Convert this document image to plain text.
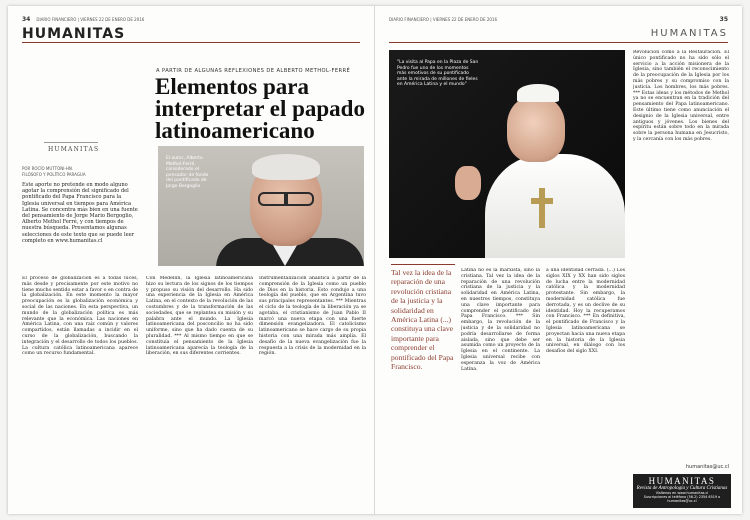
34 DIARIO FINANCIERO | VIERNES 22 DE ENERO DE 2016
HUMANITAS
A PARTIR DE ALGUNAS REFLEXIONES DE ALBERTO METHOL-FERRÉ
Elementos para interpretar el papado latinoamericano
HUMANITAS
POR ROCÍO MUTTONI-HN.
FILÓSOFO Y POLÍTICO PARAGUA

Este aporte no pretende en modo alguno agotar la comprensión del significado del pontificado del Papa Francisco para la Iglesia universal en tiempos para América Latina. Se concentra más bien en una fuente del pensamiento de Jorge Mario Bergoglio, Alberto Methol Ferré, y con tiempos de nuestra búsqueda. Presentamos algunas selecciones de este texto que se puede leer completo en www.humanitas.cl

El autor, Alberto Methol-Ferré, considerado el pensador de fondo del pontificado de Jorge Bergoglio
El proceso de globalización es a todas luces, más desde y precisamente por este motivo no tiene mucho sentido estar a favor o en contra de la globalización. En este momento la mayor preocupación es la globalización económica y social de las naciones. En esta perspectiva, un mundo de la globalización política es más relevante que la económica. Las naciones en América Latina, con una raíz común y valores compartidos, están llamadas a incidir en el curso de la globalización, buscando la integración y el desarrollo de todos los pueblos. La cultura católica latinoamericana aparece como un recurso fundamental.
Con Medellín, la Iglesia latinoamericana hizo su lectura de los signos de los tiempos y propuso su visión del desarrollo. Ha sido una experiencia de la Iglesia en América Latina, en el contexto de la revolución de las costumbres y de la transformación de las sociedades, que se replantea su misión y su palabra ante el mundo. La Iglesia latinoamericana del posconcilio no ha sido uniforme, sino que ha dado cuenta de su pluralidad. *** Al mismo tiempo en que se constituía el pensamiento de la Iglesia latinoamericana aparecía la teología de la liberación, en sus diferentes corrientes.
Instrumentalización analítica a partir de la comprensión de la Iglesia como un pueblo de Dios en la historia. Esto condujo a una teología del pueblo, que en Argentina tuvo sus principales representantes. *** Mientras el ciclo de la teología de la liberación ya se agotaba, el cristianismo de Juan Pablo II marcó una nueva etapa con una fuerte dimensión evangelizadora. El catolicismo latinoamericano se hace cargo de su propia historia con una mirada más amplia. El desafío de la nueva evangelización fue la respuesta a la crisis de la modernidad en la región.
DIARIO FINANCIERO | VIERNES 22 DE ENERO DE 2016	35
HUMANITAS
"La visita al Papa en la Plaza de San Pedro fue uno de los momentos más emotivos de su pontificado ante la mirada de millones de fieles en América Latina y el mundo"
Revolución como a la Restauración. El único pontificado no ha sido sólo el servicio a la acción misionera de la Iglesia, sino también el reconocimiento de la preocupación de la Iglesia por los más pobres y su compromiso con la justicia. Los hombres, los más pobres. *** Estas ideas y los métodos de Methol ya no se encuentran en la tradición del pensamiento del Papa latinoamericano. Este último tiene como anunciación el designio de la Iglesia universal, entre antiguos y jóvenes. Los bienes del espíritu están sobre todo en la mirada sobre la persona humana en Jesucristo, y la cercanía con los más pobres.
Tal vez la idea de la reparación de una revolución cristiana de la justicia y la solidaridad en América Latina (...) constituya una clave importante para comprender el pontificado del Papa Francisco.
Latina no es la marxista, sino la cristiana. Tal vez la idea de la reparación de una revolución cristiana de la justicia y la solidaridad en América Latina, en nuestros tiempos, constituya una clave importante para comprender el pontificado del Papa Francisco. *** Sin embargo, la revolución de la justicia y de la solidaridad no podría desarrollarse de forma aislada, sino que debe ser asumida como un proyecto de la Iglesia en el continente. La Iglesia universal recibe con esperanza la voz de América Latina.
a una identidad cerrada. (...) Los siglos XIX y XX han sido siglos de lucha entre la modernidad católica y la modernidad protestante. Sin embargo, la modernidad católica fue derrotada, y es un declive de su identidad. Hoy la recuperamos con Francisco. *** En definitiva, el pontificado de Francisco y la Iglesia latinoamericana se proyectan hacia una nueva etapa en la historia de la Iglesia universal, en diálogo con los desafíos del siglo XXI.
humanitas@uc.cl
HUMANITAS
Revista de Antropología y Cultura Cristianas
Visítenos en www.humanitas.cl
Suscripciones al teléfono (56-2) 2354 6519 o humanitas@uc.cl
